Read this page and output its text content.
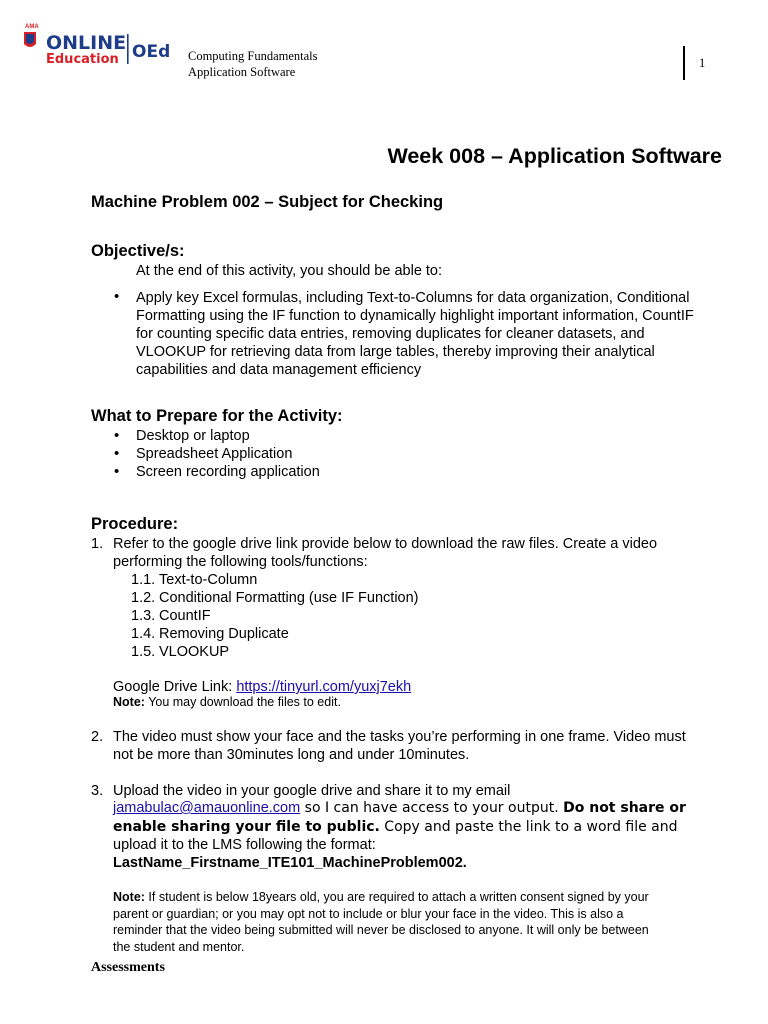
AMA
ONLINE
Education OEd Computing Fundamentals
Application Software
1
Week 008 – Application Software
Machine Problem 002 – Subject for Checking
Objective/s:
At the end of this activity, you should be able to:
• Apply key Excel formulas, including Text-to-Columns for data organization, Conditional
Formatting using the IF function to dynamically highlight important information, CountIF
for counting specific data entries, removing duplicates for cleaner datasets, and
VLOOKUP for retrieving data from large tables, thereby improving their analytical
capabilities and data management efficiency
What to Prepare for the Activity:
• Desktop or laptop
• Spreadsheet Application
• Screen recording application
Procedure:
1. Refer to the google drive link provide below to download the raw files. Create a video
performing the following tools/functions:
1.1. Text-to-Column
1.2. Conditional Formatting (use IF Function)
1.3. CountIF
1.4. Removing Duplicate
1.5. VLOOKUP
Google Drive Link: https://tinyurl.com/yuxj7ekh
Note: You may download the files to edit.
2. The video must show your face and the tasks you’re performing in one frame. Video must
not be more than 30minutes long and under 10minutes.
3. Upload the video in your google drive and share it to my email
jamabulac@amauonline.com so I can have access to your output. Do not share or
enable sharing your file to public. Copy and paste the link to a word file and
upload it to the LMS following the format:
LastName_Firstname_ITE101_MachineProblem002.
Note: If student is below 18years old, you are required to attach a written consent signed by your
parent or guardian; or you may opt not to include or blur your face in the video. This is also a
reminder that the video being submitted will never be disclosed to anyone. It will only be between
the student and mentor.
Assessments
